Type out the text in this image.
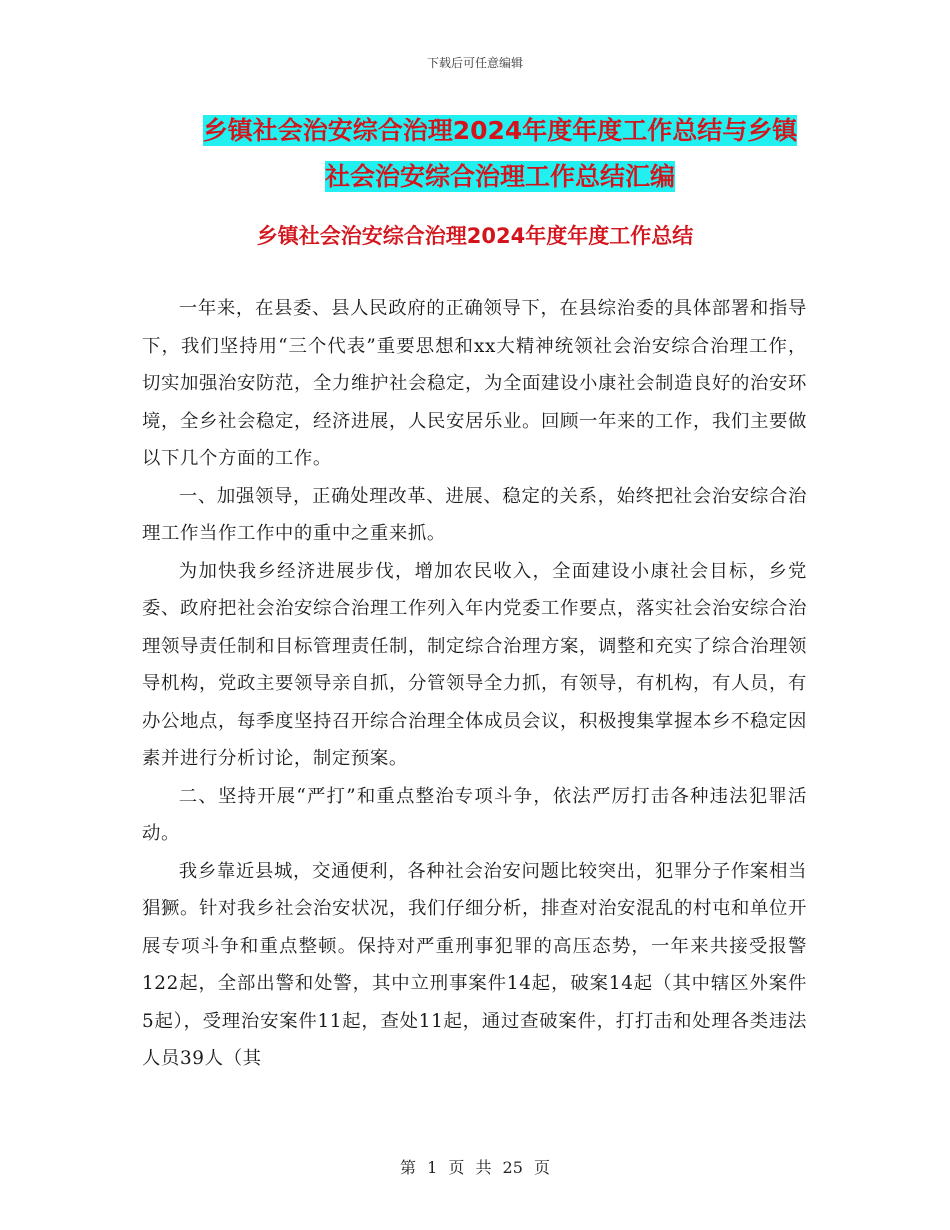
下载后可任意编辑
乡镇社会治安综合治理2024年度年度工作总结与乡镇
社会治安综合治理工作总结汇编
乡镇社会治安综合治理2024年度年度工作总结

一年来，在县委、县人民政府的正确领导下，在县综治委的具体部署和指导下，我们坚持用“三个代表”重要思想和xx大精神统领社会治安综合治理工作，切实加强治安防范，全力维护社会稳定，为全面建设小康社会制造良好的治安环境，全乡社会稳定，经济进展，人民安居乐业。回顾一年来的工作，我们主要做以下几个方面的工作。

一、加强领导，正确处理改革、进展、稳定的关系，始终把社会治安综合治理工作当作工作中的重中之重来抓。

为加快我乡经济进展步伐，增加农民收入，全面建设小康社会目标，乡党委、政府把社会治安综合治理工作列入年内党委工作要点，落实社会治安综合治理领导责任制和目标管理责任制，制定综合治理方案，调整和充实了综合治理领导机构，党政主要领导亲自抓，分管领导全力抓，有领导，有机构，有人员，有办公地点，每季度坚持召开综合治理全体成员会议，积极搜集掌握本乡不稳定因素并进行分析讨论，制定预案。

二、坚持开展“严打”和重点整治专项斗争，依法严厉打击各种违法犯罪活动。

我乡靠近县城，交通便利，各种社会治安问题比较突出，犯罪分子作案相当猖獗。针对我乡社会治安状况，我们仔细分析，排查对治安混乱的村屯和单位开展专项斗争和重点整顿。保持对严重刑事犯罪的高压态势，一年来共接受报警122起，全部出警和处警，其中立刑事案件14起，破案14起（其中辖区外案件5起），受理治安案件11起，查处11起，通过查破案件，打打击和处理各类违法人员39人（其

第 1 页 共 25 页
